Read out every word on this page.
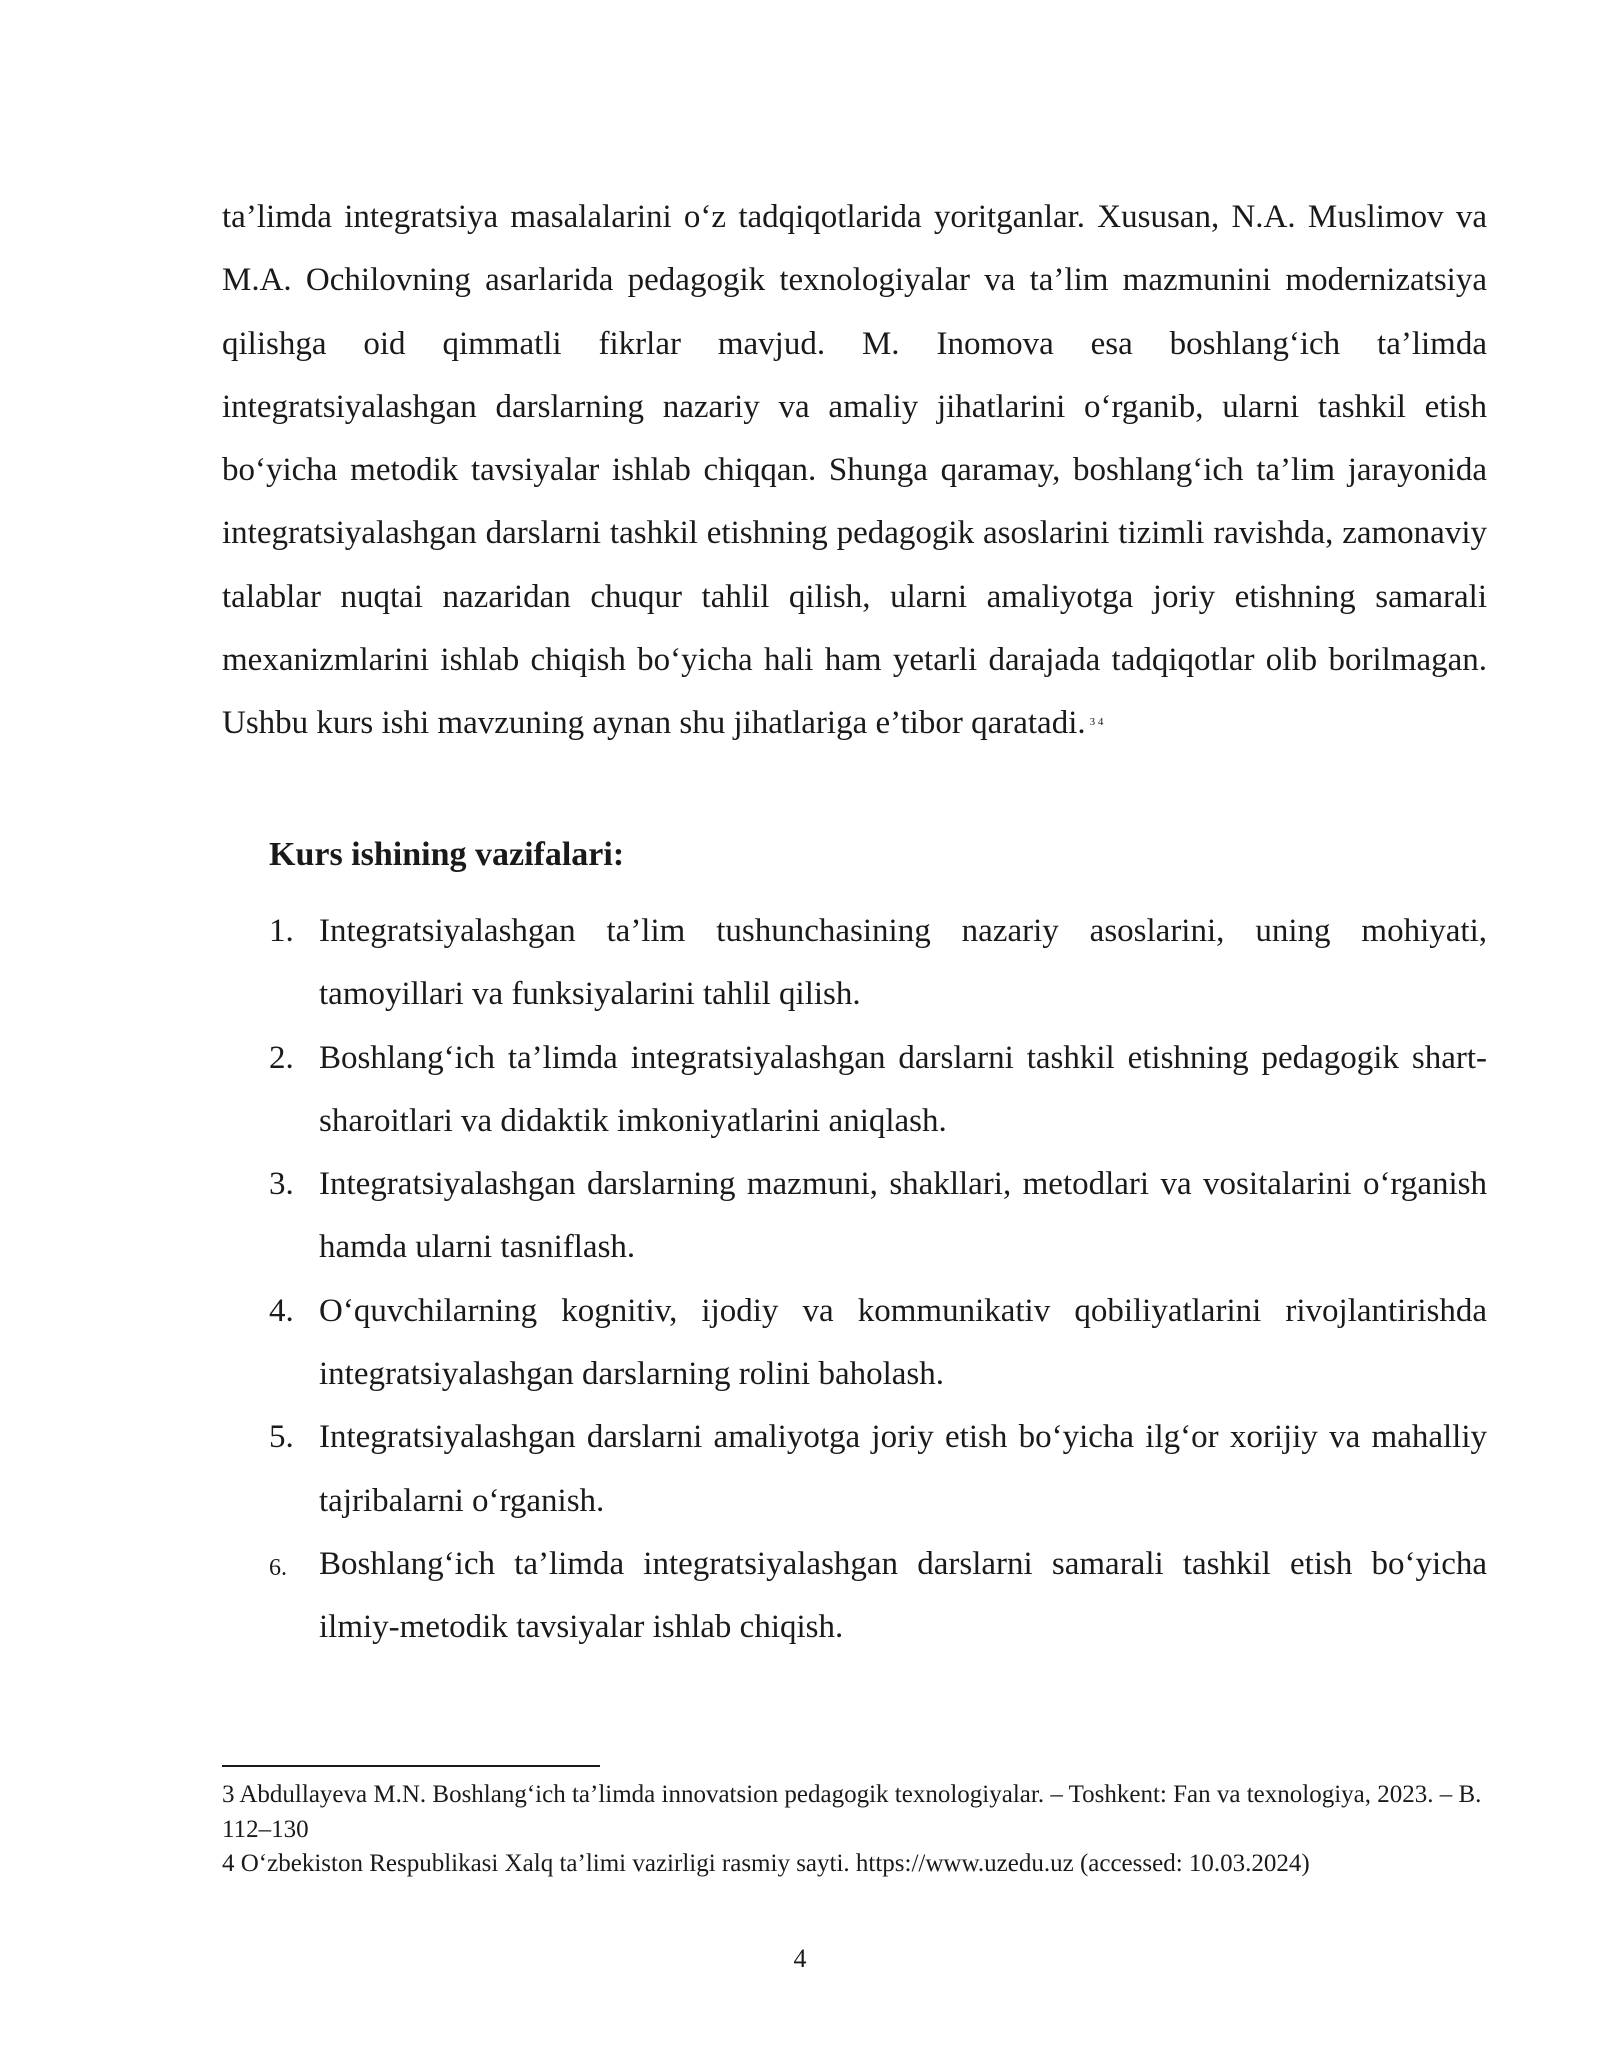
ta’limda integratsiya masalalarini o‘z tadqiqotlarida yoritganlar. Xususan, N.A. Muslimov va M.A. Ochilovning asarlarida pedagogik texnologiyalar va ta’lim mazmunini modernizatsiya qilishga oid qimmatli fikrlar mavjud. M. Inomova esa boshlang‘ich ta’limda integratsiyalashgan darslarning nazariy va amaliy jihatlarini o‘rganib, ularni tashkil etish bo‘yicha metodik tavsiyalar ishlab chiqqan. Shunga qaramay, boshlang‘ich ta’lim jarayonida integratsiyalashgan darslarni tashkil etishning pedagogik asoslarini tizimli ravishda, zamonaviy talablar nuqtai nazaridan chuqur tahlil qilish, ularni amaliyotga joriy etishning samarali mexanizmlarini ishlab chiqish bo‘yicha hali ham yetarli darajada tadqiqotlar olib borilmagan. Ushbu kurs ishi mavzuning aynan shu jihatlariga e’tibor qaratadi. $^{3 4}$

Kurs ishining vazifalari:
1. Integratsiyalashgan ta’lim tushunchasining nazariy asoslarini, uning mohiyati, tamoyillari va funksiyalarini tahlil qilish.
2. Boshlang‘ich ta’limda integratsiyalashgan darslarni tashkil etishning pedagogik shart-sharoitlari va didaktik imkoniyatlarini aniqlash.
3. Integratsiyalashgan darslarning mazmuni, shakllari, metodlari va vositalarini o‘rganish hamda ularni tasniflash.
4. O‘quvchilarning kognitiv, ijodiy va kommunikativ qobiliyatlarini rivojlantirishda integratsiyalashgan darslarning rolini baholash.
5. Integratsiyalashgan darslarni amaliyotga joriy etish bo‘yicha ilg‘or xorijiy va mahalliy tajribalarni o‘rganish.
6. Boshlang‘ich ta’limda integratsiyalashgan darslarni samarali tashkil etish bo‘yicha ilmiy-metodik tavsiyalar ishlab chiqish.

3 Abdullayeva M.N. Boshlang‘ich ta’limda innovatsion pedagogik texnologiyalar. – Toshkent: Fan va texnologiya, 2023. – B. 112–130

4 O‘zbekiston Respublikasi Xalq ta’limi vazirligi rasmiy sayti. https://www.uzedu.uz (accessed: 10.03.2024)

4
